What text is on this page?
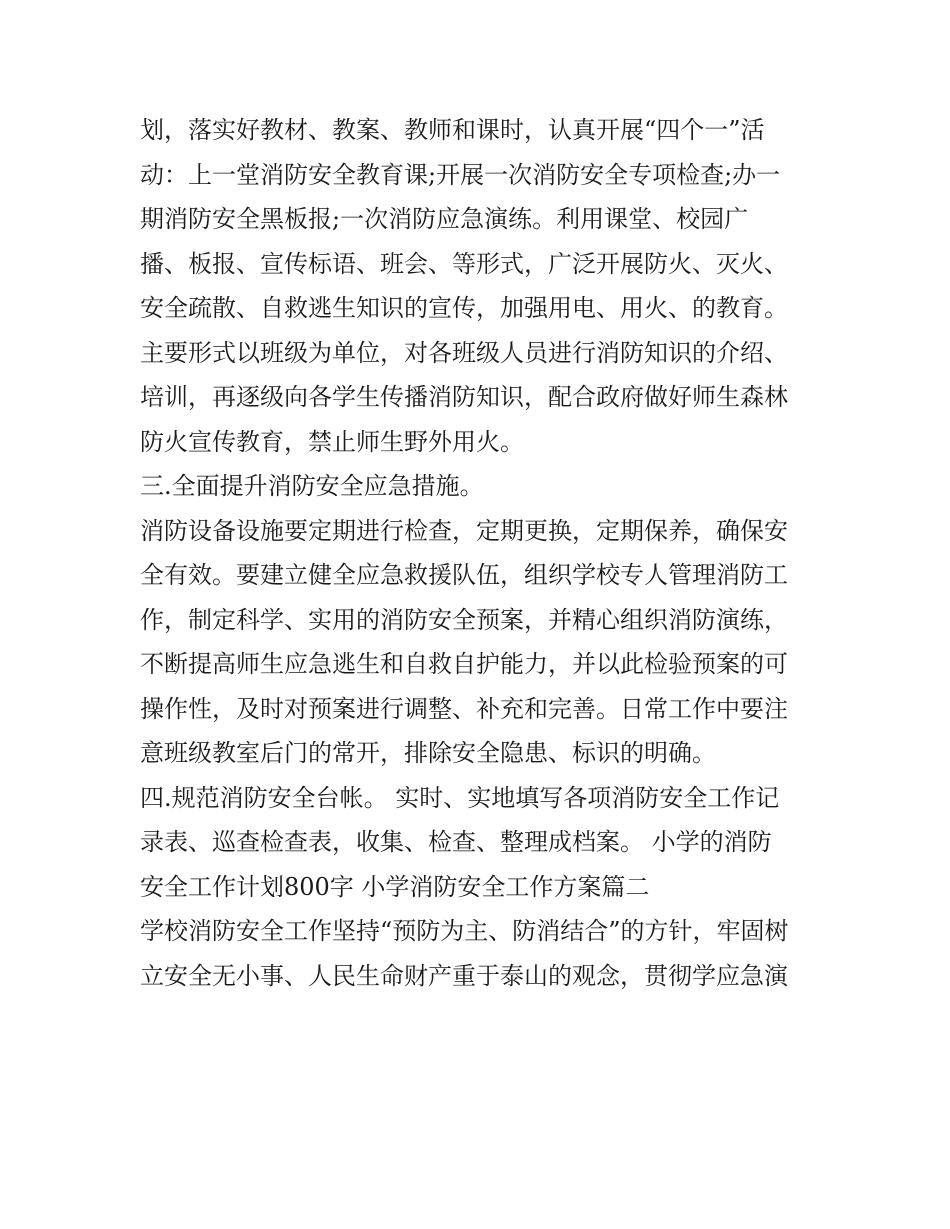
划，落实好教材、教案、教师和课时，认真开展“四个一”活
动：上一堂消防安全教育课;开展一次消防安全专项检查;办一
期消防安全黑板报;一次消防应急演练。利用课堂、校园广
播、板报、宣传标语、班会、等形式，广泛开展防火、灭火、
安全疏散、自救逃生知识的宣传，加强用电、用火、的教育。
主要形式以班级为单位，对各班级人员进行消防知识的介绍、
培训，再逐级向各学生传播消防知识，配合政府做好师生森林
防火宣传教育，禁止师生野外用火。
三.全面提升消防安全应急措施。
消防设备设施要定期进行检查，定期更换，定期保养，确保安
全有效。要建立健全应急救援队伍，组织学校专人管理消防工
作，制定科学、实用的消防安全预案，并精心组织消防演练，
不断提高师生应急逃生和自救自护能力，并以此检验预案的可
操作性，及时对预案进行调整、补充和完善。日常工作中要注
意班级教室后门的常开，排除安全隐患、标识的明确。
四.规范消防安全台帐。 实时、实地填写各项消防安全工作记
录表、巡查检查表，收集、检查、整理成档案。 小学的消防
安全工作计划800字 小学消防安全工作方案篇二
学校消防安全工作坚持“预防为主、防消结合”的方针，牢固树
立安全无小事、人民生命财产重于泰山的观念，贯彻学应急演
